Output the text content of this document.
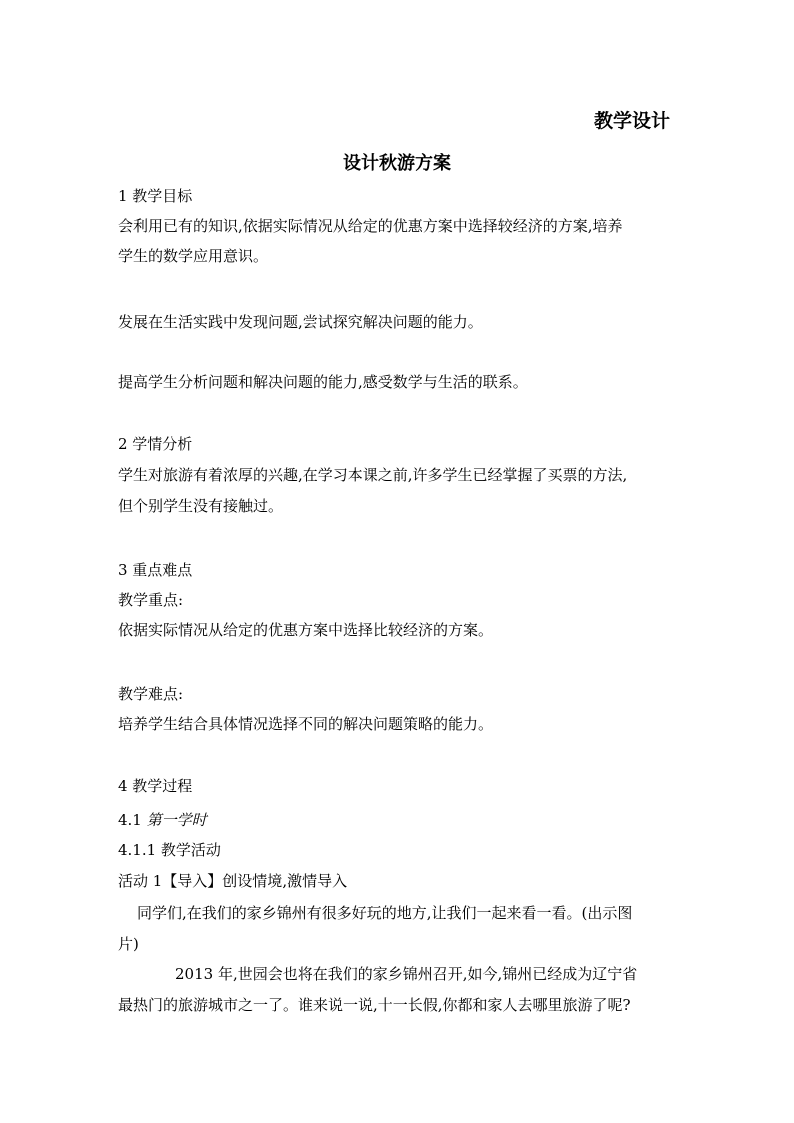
教学设计
设计秋游方案
1 教学目标
会利用已有的知识,依据实际情况从给定的优惠方案中选择较经济的方案,培养
学生的数学应用意识。
发展在生活实践中发现问题,尝试探究解决问题的能力。
提高学生分析问题和解决问题的能力,感受数学与生活的联系。
2 学情分析
学生对旅游有着浓厚的兴趣,在学习本课之前,许多学生已经掌握了买票的方法,
但个别学生没有接触过。
3 重点难点
教学重点:
依据实际情况从给定的优惠方案中选择比较经济的方案。
教学难点:
培养学生结合具体情况选择不同的解决问题策略的能力。
4 教学过程
4.1 第一学时
4.1.1 教学活动
活动 1【导入】创设情境,激情导入
同学们,在我们的家乡锦州有很多好玩的地方,让我们一起来看一看。(出示图
片)
2013 年,世园会也将在我们的家乡锦州召开,如今,锦州已经成为辽宁省
最热门的旅游城市之一了。谁来说一说,十一长假,你都和家人去哪里旅游了呢?
